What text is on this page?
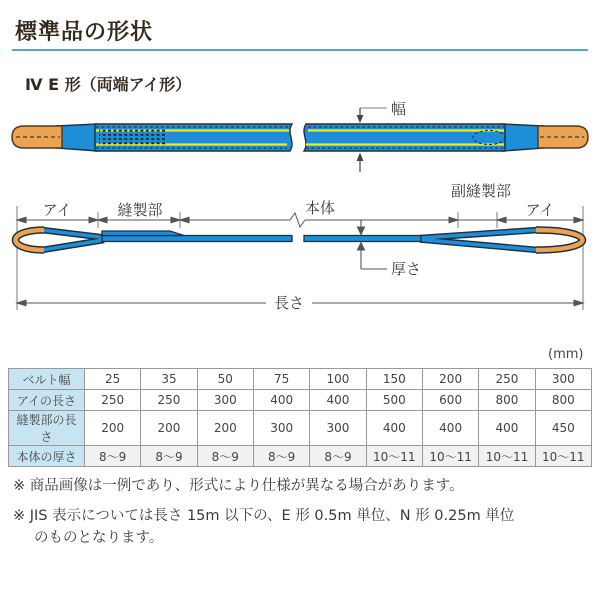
標準品の形状
Ⅳ E 形（両端アイ形）
幅
アイ	縫製部	本体
副縫製部
アイ
厚さ
長さ
(mm)
ベルト幅	25	35	50	75	100	150	200	250	300
アイの長さ	250	250	300	400	400	500	600	800	800
縫製部の長さ	200	200	200	300	300	400	400	400	450
本体の厚さ	8～9	8～9	8～9	8～9	8～9	10～11	10～11	10～11	10～11
※ 商品画像は一例であり、形式により仕様が異なる場合があります。
※ JIS 表示については長さ 15m 以下の、E 形 0.5m 単位、N 形 0.25m 単位
のものとなります。
